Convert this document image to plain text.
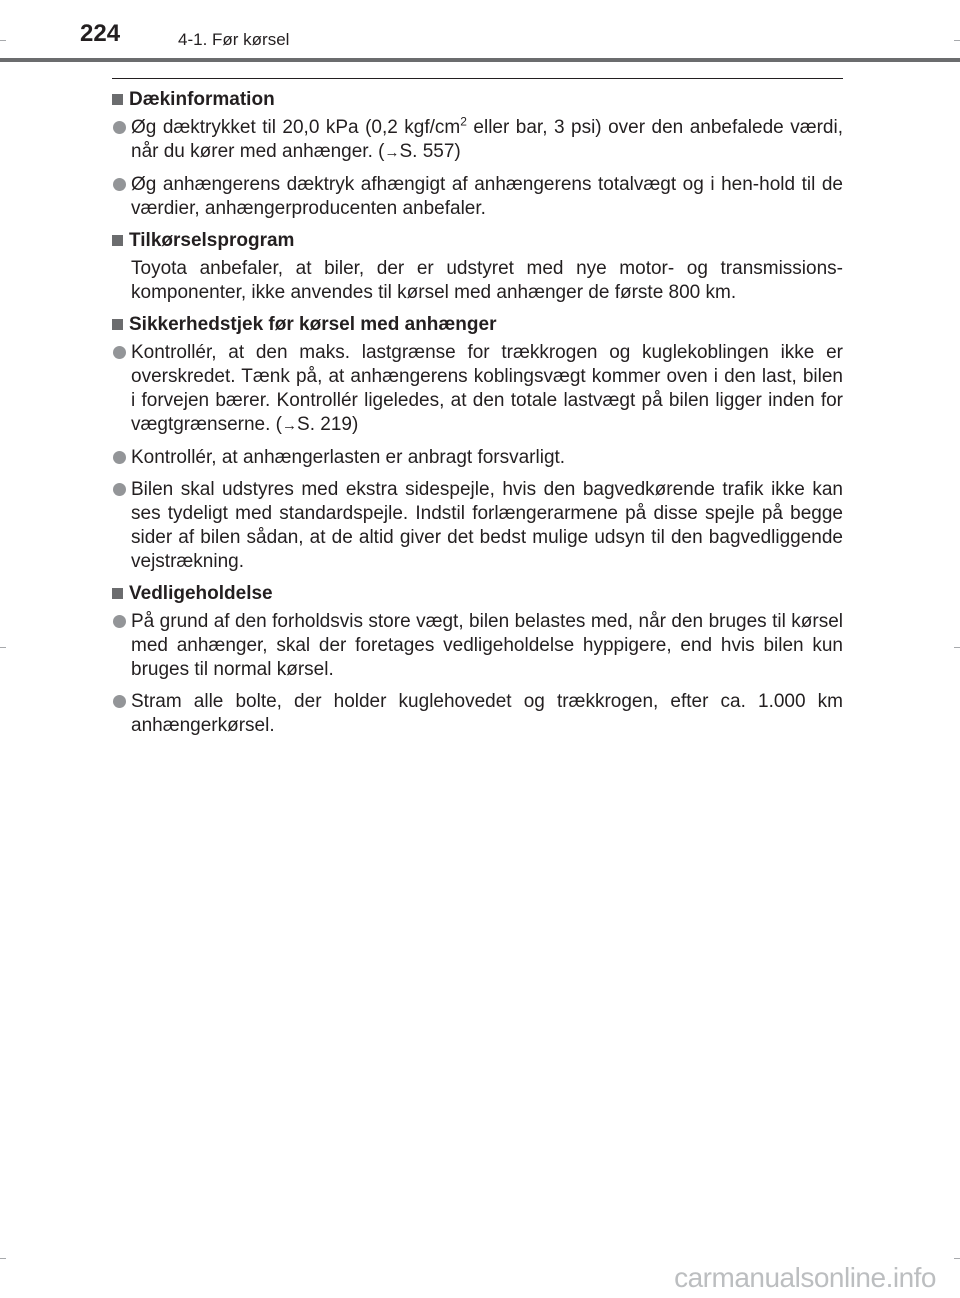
224	4-1. Før kørsel
Dækinformation
Øg dæktrykket til 20,0 kPa (0,2 kgf/$cm^2$ eller bar, 3 psi) over den anbefalede værdi, når du kører med anhænger. (→S. 557)
Øg anhængerens dæktryk afhængigt af anhængerens totalvægt og i hen-hold til de værdier, anhængerproducenten anbefaler.
Tilkørselsprogram
Toyota anbefaler, at biler, der er udstyret med nye motor- og transmissions-komponenter, ikke anvendes til kørsel med anhænger de første 800 km.
Sikkerhedstjek før kørsel med anhænger
Kontrollér, at den maks. lastgrænse for trækkrogen og kuglekoblingen ikke er overskredet. Tænk på, at anhængerens koblingsvægt kommer oven i den last, bilen i forvejen bærer. Kontrollér ligeledes, at den totale lastvægt på bilen ligger inden for vægtgrænserne. (→S. 219)
Kontrollér, at anhængerlasten er anbragt forsvarligt.
Bilen skal udstyres med ekstra sidespejle, hvis den bagvedkørende trafik ikke kan ses tydeligt med standardspejle. Indstil forlængerarmene på disse spejle på begge sider af bilen sådan, at de altid giver det bedst mulige udsyn til den bagvedliggende vejstrækning.
Vedligeholdelse
På grund af den forholdsvis store vægt, bilen belastes med, når den bruges til kørsel med anhænger, skal der foretages vedligeholdelse hyppigere, end hvis bilen kun bruges til normal kørsel.
Stram alle bolte, der holder kuglehovedet og trækkrogen, efter ca. 1.000 km anhængerkørsel.
carmanualsonline.info
